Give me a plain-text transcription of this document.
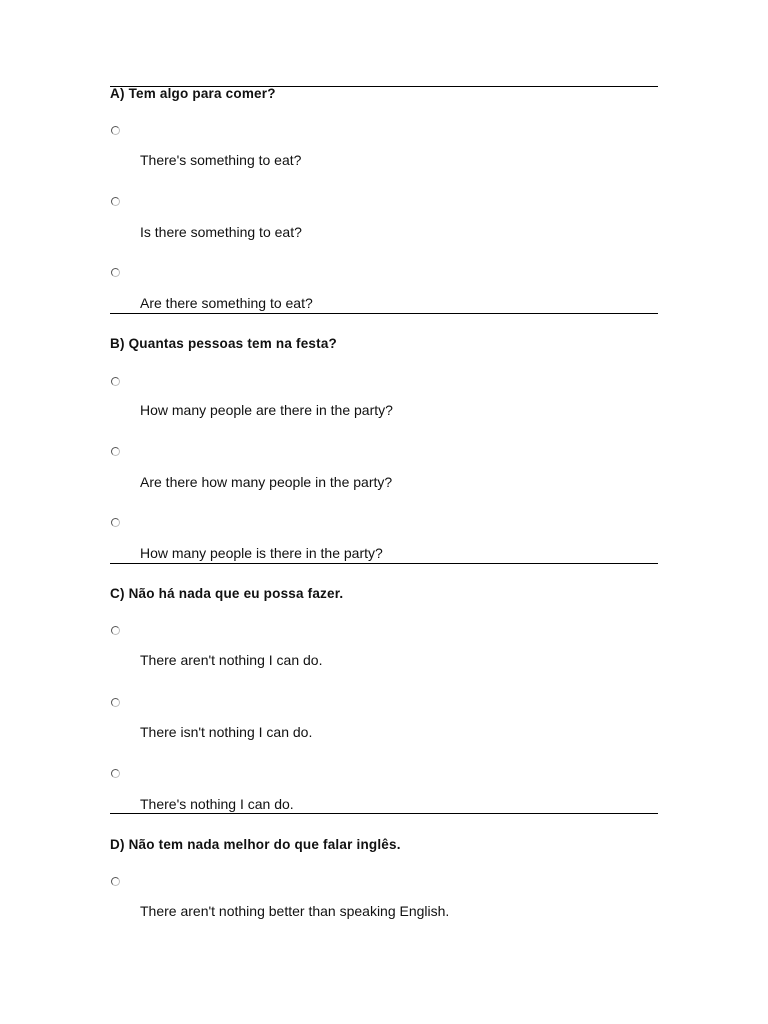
A) Tem algo para comer?
There's something to eat?
Is there something to eat?
Are there something to eat?
B) Quantas pessoas tem na festa?
How many people are there in the party?
Are there how many people in the party?
How many people is there in the party?
C) Não há nada que eu possa fazer.
There aren't nothing I can do.
There isn't nothing I can do.
There's nothing I can do.
D) Não tem nada melhor do que falar inglês.
There aren't nothing better than speaking English.
